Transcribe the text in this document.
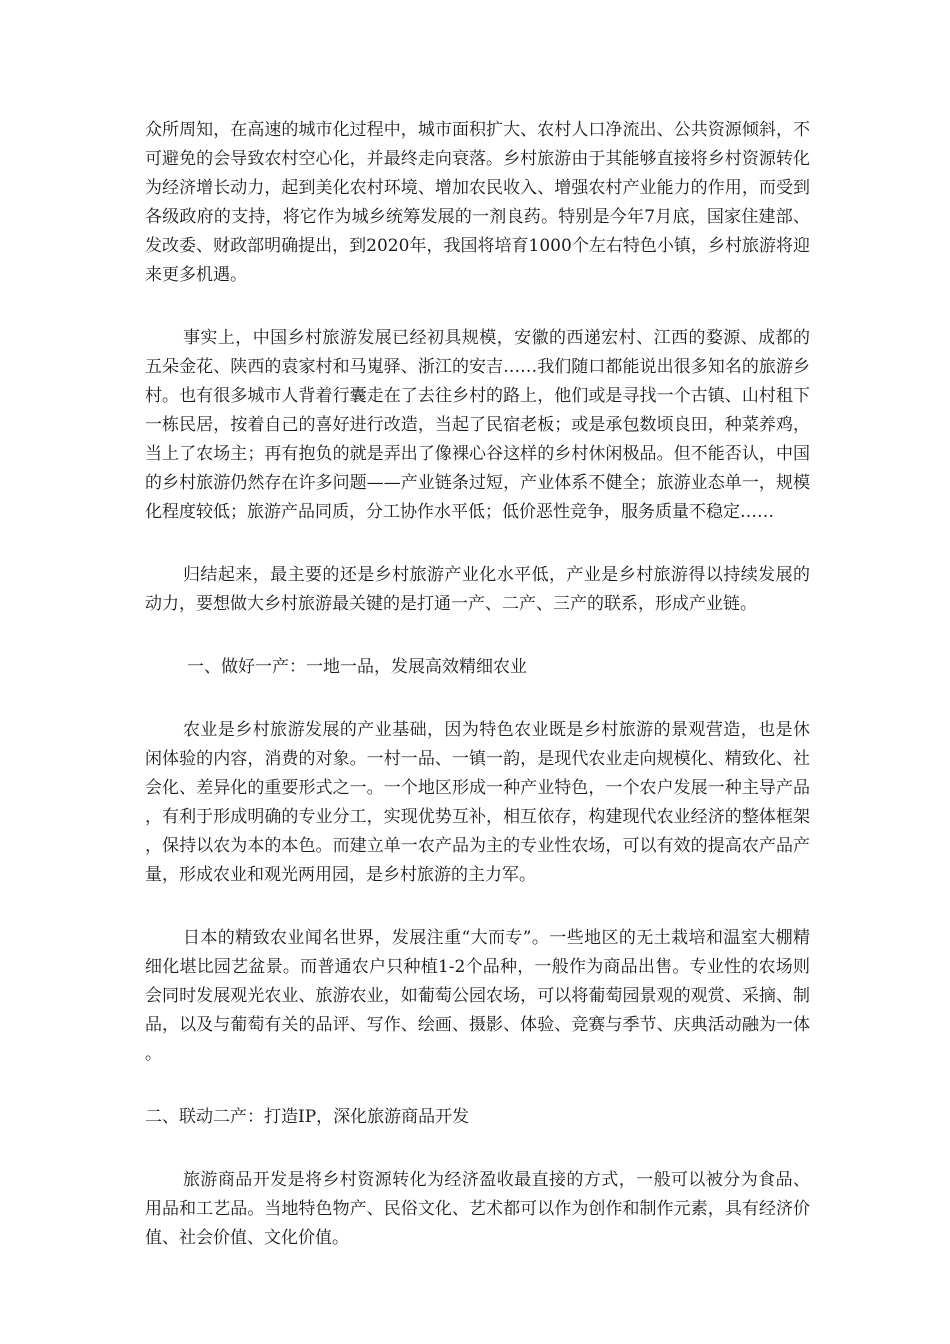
众所周知，在高速的城市化过程中，城市面积扩大、农村人口净流出、公共资源倾斜，不可避免的会导致农村空心化，并最终走向衰落。乡村旅游由于其能够直接将乡村资源转化为经济增长动力，起到美化农村环境、增加农民收入、增强农村产业能力的作用，而受到各级政府的支持，将它作为城乡统筹发展的一剂良药。特别是今年7月底，国家住建部、发改委、财政部明确提出，到2020年，我国将培育1000个左右特色小镇，乡村旅游将迎来更多机遇。

事实上，中国乡村旅游发展已经初具规模，安徽的西递宏村、江西的婺源、成都的五朵金花、陕西的袁家村和马嵬驿、浙江的安吉……我们随口都能说出很多知名的旅游乡村。也有很多城市人背着行囊走在了去往乡村的路上，他们或是寻找一个古镇、山村租下一栋民居，按着自己的喜好进行改造，当起了民宿老板；或是承包数顷良田，种菜养鸡，当上了农场主；再有抱负的就是弄出了像裸心谷这样的乡村休闲极品。但不能否认，中国的乡村旅游仍然存在许多问题——产业链条过短，产业体系不健全；旅游业态单一，规模化程度较低；旅游产品同质，分工协作水平低；低价恶性竞争，服务质量不稳定……

归结起来，最主要的还是乡村旅游产业化水平低，产业是乡村旅游得以持续发展的动力，要想做大乡村旅游最关键的是打通一产、二产、三产的联系，形成产业链。

一、做好一产：一地一品，发展高效精细农业

农业是乡村旅游发展的产业基础，因为特色农业既是乡村旅游的景观营造，也是休闲体验的内容，消费的对象。一村一品、一镇一韵，是现代农业走向规模化、精致化、社会化、差异化的重要形式之一。一个地区形成一种产业特色，一个农户发展一种主导产品，有利于形成明确的专业分工，实现优势互补，相互依存，构建现代农业经济的整体框架，保持以农为本的本色。而建立单一农产品为主的专业性农场，可以有效的提高农产品产量，形成农业和观光两用园，是乡村旅游的主力军。

日本的精致农业闻名世界，发展注重“大而专”。一些地区的无土栽培和温室大棚精细化堪比园艺盆景。而普通农户只种植1-2个品种，一般作为商品出售。专业性的农场则会同时发展观光农业、旅游农业，如葡萄公园农场，可以将葡萄园景观的观赏、采摘、制品，以及与葡萄有关的品评、写作、绘画、摄影、体验、竞赛与季节、庆典活动融为一体。

二、联动二产：打造IP，深化旅游商品开发

旅游商品开发是将乡村资源转化为经济盈收最直接的方式，一般可以被分为食品、用品和工艺品。当地特色物产、民俗文化、艺术都可以作为创作和制作元素，具有经济价值、社会价值、文化价值。
